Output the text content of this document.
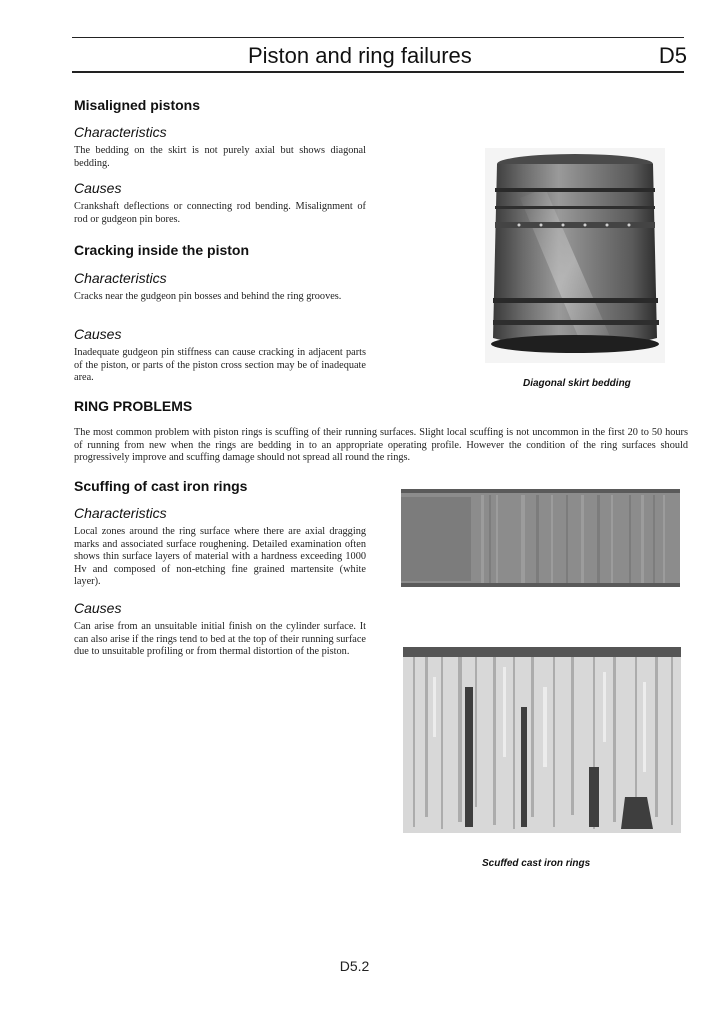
Piston and ring failures	D5
Misaligned pistons
Characteristics
The bedding on the skirt is not purely axial but shows diagonal bedding.
Causes
Crankshaft deflections or connecting rod bending. Misalignment of rod or gudgeon pin bores.
Cracking inside the piston
Characteristics
Cracks near the gudgeon pin bosses and behind the ring grooves.
Causes
Inadequate gudgeon pin stiffness can cause cracking in adjacent parts of the piston, or parts of the piston cross section may be of inadequate area.
Diagonal skirt bedding
RING PROBLEMS
The most common problem with piston rings is scuffing of their running surfaces. Slight local scuffing is not uncommon in the first 20 to 50 hours of running from new when the rings are bedding in to an appropriate operating profile. However the condition of the ring surfaces should progressively improve and scuffing damage should not spread all round the rings.
Scuffing of cast iron rings
Characteristics
Local zones around the ring surface where there are axial dragging marks and associated surface roughening. Detailed examination often shows thin surface layers of material with a hardness exceeding 1000 Hv and composed of non-etching fine grained martensite (white layer).
Causes
Can arise from an unsuitable initial finish on the cylinder surface. It can also arise if the rings tend to bed at the top of their running surface due to unsuitable profiling or from thermal distortion of the piston.
Scuffed cast iron rings
D5.2
